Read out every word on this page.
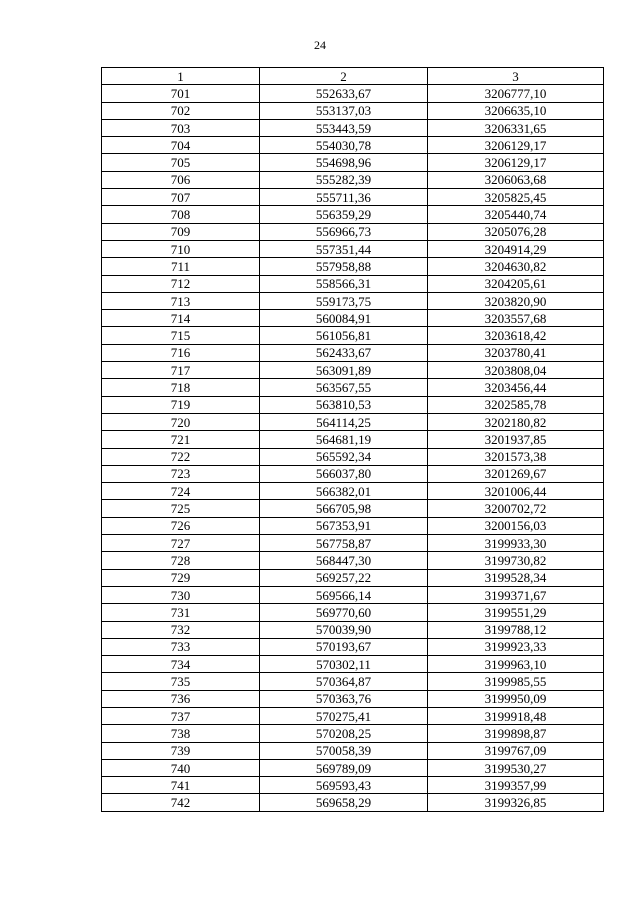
24
1	2	3
701	552633,67	3206777,10
702	553137,03	3206635,10
703	553443,59	3206331,65
704	554030,78	3206129,17
705	554698,96	3206129,17
706	555282,39	3206063,68
707	555711,36	3205825,45
708	556359,29	3205440,74
709	556966,73	3205076,28
710	557351,44	3204914,29
711	557958,88	3204630,82
712	558566,31	3204205,61
713	559173,75	3203820,90
714	560084,91	3203557,68
715	561056,81	3203618,42
716	562433,67	3203780,41
717	563091,89	3203808,04
718	563567,55	3203456,44
719	563810,53	3202585,78
720	564114,25	3202180,82
721	564681,19	3201937,85
722	565592,34	3201573,38
723	566037,80	3201269,67
724	566382,01	3201006,44
725	566705,98	3200702,72
726	567353,91	3200156,03
727	567758,87	3199933,30
728	568447,30	3199730,82
729	569257,22	3199528,34
730	569566,14	3199371,67
731	569770,60	3199551,29
732	570039,90	3199788,12
733	570193,67	3199923,33
734	570302,11	3199963,10
735	570364,87	3199985,55
736	570363,76	3199950,09
737	570275,41	3199918,48
738	570208,25	3199898,87
739	570058,39	3199767,09
740	569789,09	3199530,27
741	569593,43	3199357,99
742	569658,29	3199326,85
